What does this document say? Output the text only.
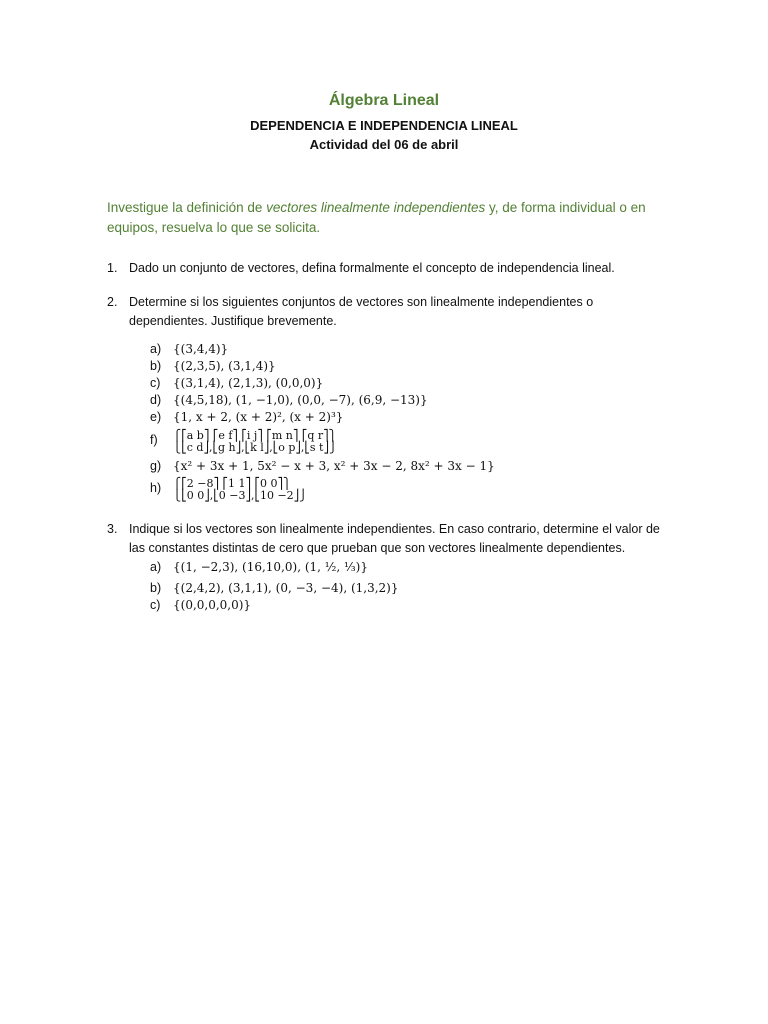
Álgebra Lineal
DEPENDENCIA E INDEPENDENCIA LINEAL
Actividad del 06 de abril
Investigue la definición de vectores linealmente independientes y, de forma individual o en equipos, resuelva lo que se solicita.
1. Dado un conjunto de vectores, defina formalmente el concepto de independencia lineal.
2. Determine si los siguientes conjuntos de vectores son linealmente independientes o dependientes. Justifique brevemente.
a) {(3,4,4)}
b) {(2,3,5), (3,1,4)}
c) {(3,1,4), (2,1,3), (0,0,0)}
d) {(4,5,18), (1, −1,0), (0,0, −7), (6,9, −13)}
e) {1, x + 2, (x + 2)², (x + 2)³}
f) ⎧⎡a b⎤ ⎡e f⎤ ⎡i j⎤ ⎡m n⎤ ⎡q r⎤⎫
⎩⎣c d⎦,⎣g h⎦,⎣k l⎦,⎣o p⎦,⎣s t⎦⎭
g) {x² + 3x + 1, 5x² − x + 3, x² + 3x − 2, 8x² + 3x − 1}
h) ⎧⎡2 −8⎤ ⎡1 1⎤ ⎡0 0⎤⎫
⎩⎣0 0⎦,⎣0 −3⎦,⎣10 −2⎦⎭
3. Indique si los vectores son linealmente independientes. En caso contrario, determine el valor de las constantes distintas de cero que prueban que son vectores linealmente dependientes.
a) {(1, −2,3), (16,10,0), (1, ½, ⅓)}
b) {(2,4,2), (3,1,1), (0, −3, −4), (1,3,2)}
c) {(0,0,0,0,0)}
